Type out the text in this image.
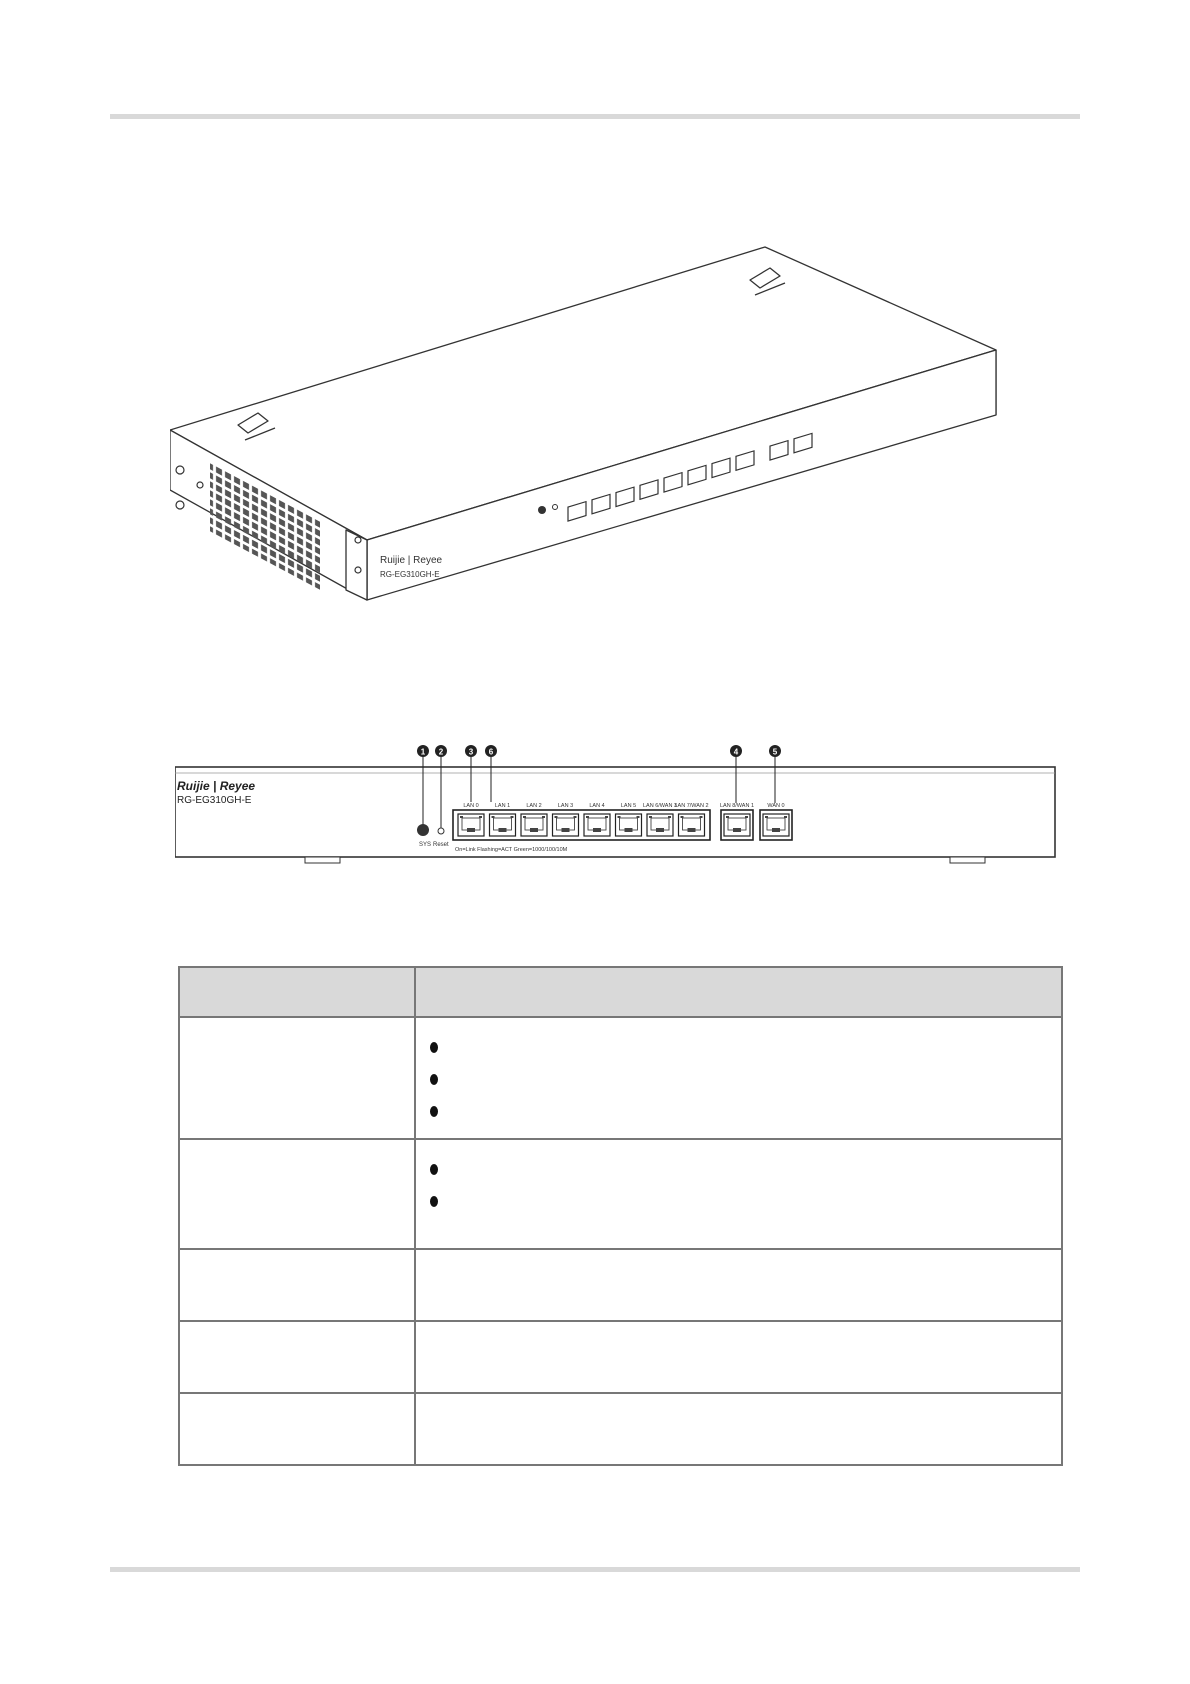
Ruijie | Reyee
RG-EG310GH-E
Ruijie | Reyee
RG-EG310GH-E
1 2	3 6	4	5
SYS Reset
LAN 0	LAN 1	LAN 2	LAN 3	LAN 4	LAN 5 LAN 6/WAN 3
LAN 7/WAN 2 LAN 8/WAN 1 WAN 0
On=Link Flashing=ACT Green=1000/100/10M
